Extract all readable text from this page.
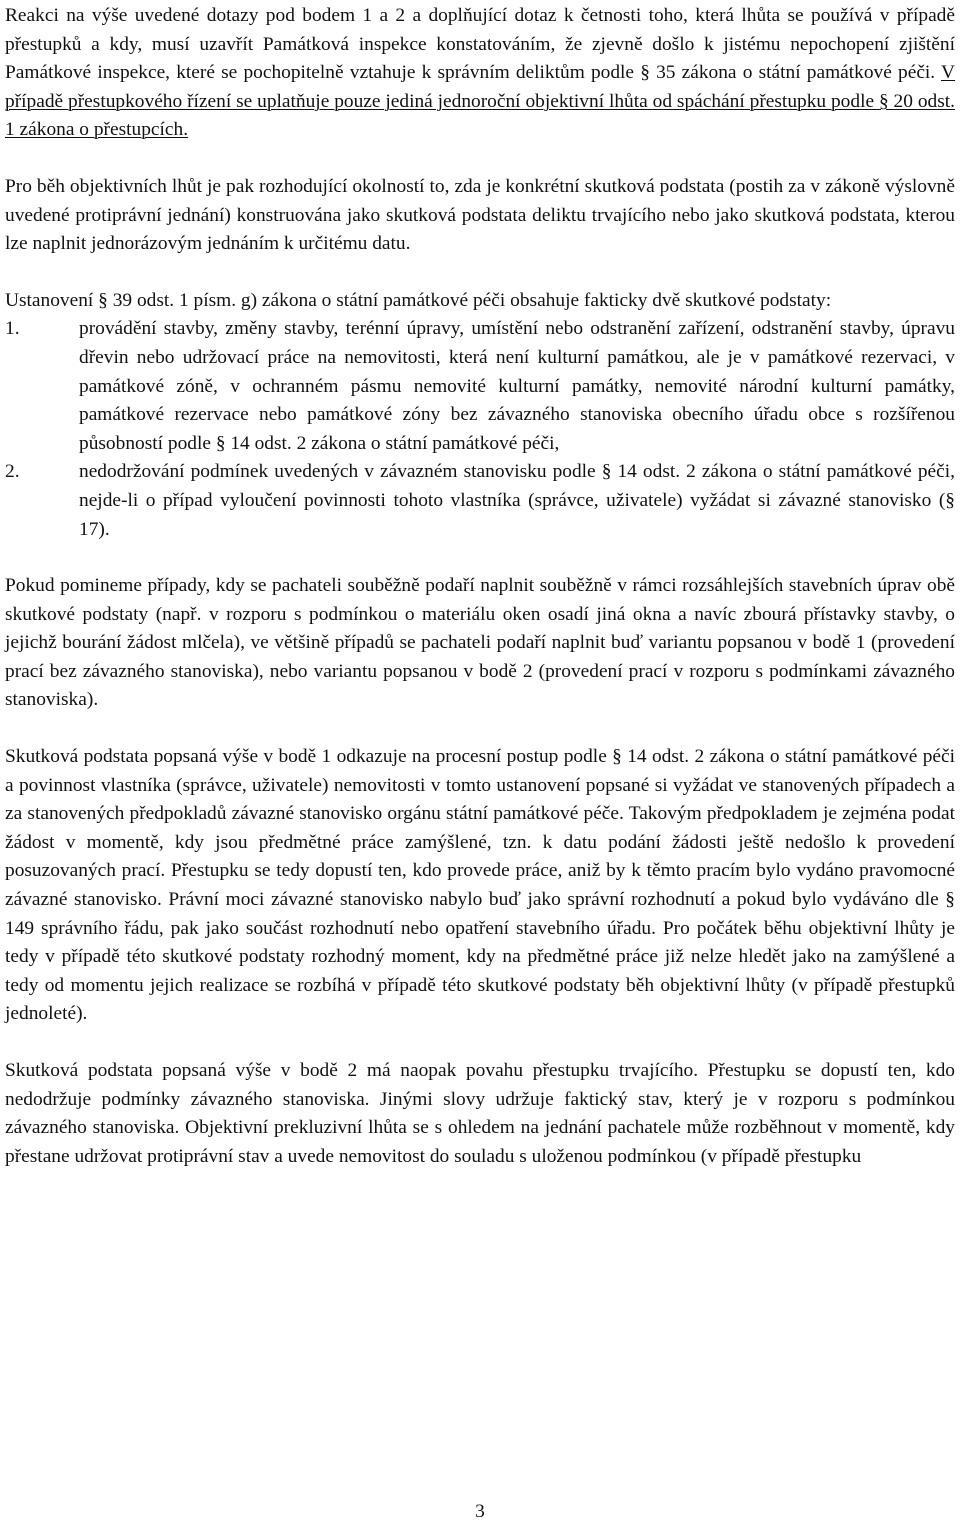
Reakci na výše uvedené dotazy pod bodem 1 a 2 a doplňující dotaz k četnosti toho, která lhůta se používá v případě přestupků a kdy, musí uzavřít Památková inspekce konstatováním, že zjevně došlo k jistému nepochopení zjištění Památkové inspekce, které se pochopitelně vztahuje k správním deliktům podle § 35 zákona o státní památkové péči. V případě přestupkového řízení se uplatňuje pouze jediná jednoroční objektivní lhůta od spáchání přestupku podle § 20 odst. 1 zákona o přestupcích.

Pro běh objektivních lhůt je pak rozhodující okolností to, zda je konkrétní skutková podstata (postih za v zákoně výslovně uvedené protiprávní jednání) konstruována jako skutková podstata deliktu trvajícího nebo jako skutková podstata, kterou lze naplnit jednorázovým jednáním k určitému datu.

Ustanovení § 39 odst. 1 písm. g) zákona o státní památkové péči obsahuje fakticky dvě skutkové podstaty:

1.	provádění stavby, změny stavby, terénní úpravy, umístění nebo odstranění zařízení, odstranění stavby, úpravu dřevin nebo udržovací práce na nemovitosti, která není kulturní památkou, ale je v památkové rezervaci, v památkové zóně, v ochranném pásmu nemovité kulturní památky, nemovité národní kulturní památky, památkové rezervace nebo památkové zóny bez závazného stanoviska obecního úřadu obce s rozšířenou působností podle § 14 odst. 2 zákona o státní památkové péči,
2.	nedodržování podmínek uvedených v závazném stanovisku podle § 14 odst. 2 zákona o státní památkové péči, nejde-li o případ vyloučení povinnosti tohoto vlastníka (správce, uživatele) vyžádat si závazné stanovisko (§ 17).

Pokud pomineme případy, kdy se pachateli souběžně podaří naplnit souběžně v rámci rozsáhlejších stavebních úprav obě skutkové podstaty (např. v rozporu s podmínkou o materiálu oken osadí jiná okna a navíc zbourá přístavky stavby, o jejichž bourání žádost mlčela), ve většině případů se pachateli podaří naplnit buď variantu popsanou v bodě 1 (provedení prací bez závazného stanoviska), nebo variantu popsanou v bodě 2 (provedení prací v rozporu s podmínkami závazného stanoviska).

Skutková podstata popsaná výše v bodě 1 odkazuje na procesní postup podle § 14 odst. 2 zákona o státní památkové péči a povinnost vlastníka (správce, uživatele) nemovitosti v tomto ustanovení popsané si vyžádat ve stanovených případech a za stanovených předpokladů závazné stanovisko orgánu státní památkové péče. Takovým předpokladem je zejména podat žádost v momentě, kdy jsou předmětné práce zamýšlené, tzn. k datu podání žádosti ještě nedošlo k provedení posuzovaných prací. Přestupku se tedy dopustí ten, kdo provede práce, aniž by k těmto pracím bylo vydáno pravomocné závazné stanovisko. Právní moci závazné stanovisko nabylo buď jako správní rozhodnutí a pokud bylo vydáváno dle § 149 správního řádu, pak jako součást rozhodnutí nebo opatření stavebního úřadu. Pro počátek běhu objektivní lhůty je tedy v případě této skutkové podstaty rozhodný moment, kdy na předmětné práce již nelze hledět jako na zamýšlené a tedy od momentu jejich realizace se rozbíhá v případě této skutkové podstaty běh objektivní lhůty (v případě přestupků jednoleté).

Skutková podstata popsaná výše v bodě 2 má naopak povahu přestupku trvajícího. Přestupku se dopustí ten, kdo nedodržuje podmínky závazného stanoviska. Jinými slovy udržuje faktický stav, který je v rozporu s podmínkou závazného stanoviska. Objektivní prekluzivní lhůta se s ohledem na jednání pachatele může rozběhnout v momentě, kdy přestane udržovat protiprávní stav a uvede nemovitost do souladu s uloženou podmínkou (v případě přestupku

3
